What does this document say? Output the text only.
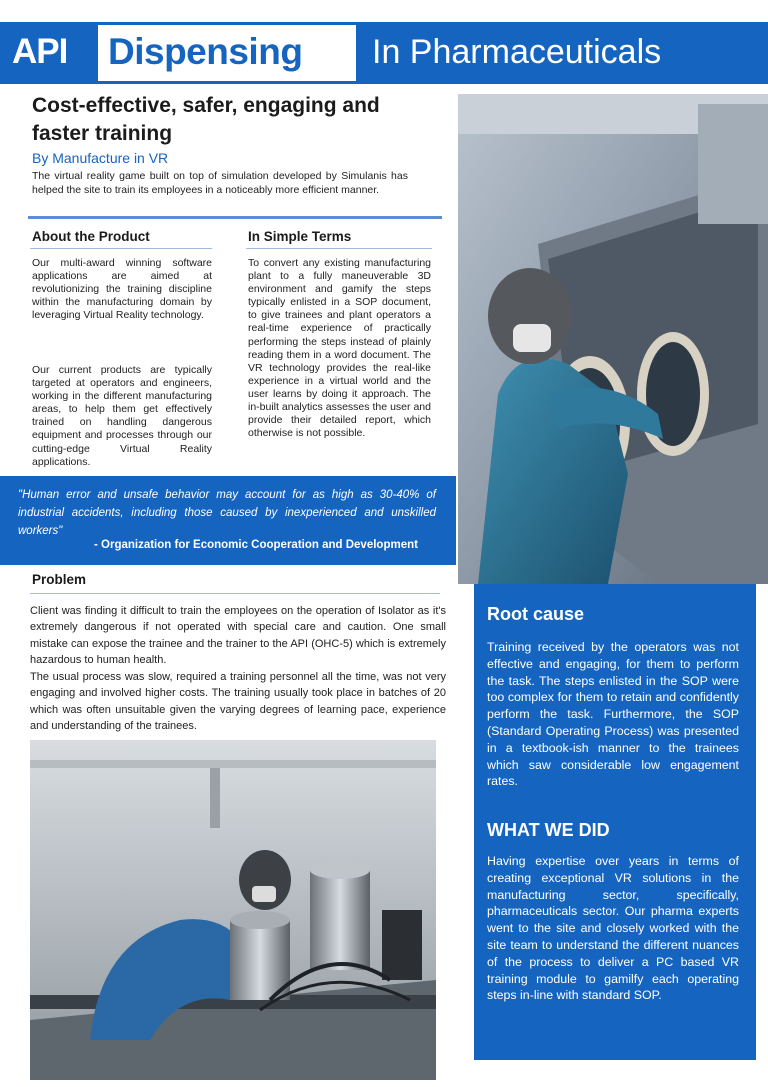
API Dispensing In Pharmaceuticals
Cost-effective, safer, engaging and faster training
By Manufacture in VR
The virtual reality game built on top of simulation developed by Simulanis has helped the site to train its employees in a noticeably more efficient manner.
About the Product
Our multi-award winning software applications are aimed at revolutionizing the training discipline within the manufacturing domain by leveraging Virtual Reality technology.
Our current products are typically targeted at operators and engineers, working in the different manufacturing areas, to help them get effectively trained on handling dangerous equipment and processes through our cutting-edge Virtual Reality applications.
In Simple Terms
To convert any existing manufacturing plant to a fully maneuverable 3D environment and gamify the steps typically enlisted in a SOP document, to give trainees and plant operators a real-time experience of practically performing the steps instead of plainly reading them in a word document. The VR technology provides the real-like experience in a virtual world and the user learns by doing it approach. The in-built analytics assesses the user and provide their detailed report, which otherwise is not possible.
"Human error and unsafe behavior may account for as high as 30-40% of industrial accidents, including those caused by inexperienced and unskilled workers"
- Organization for Economic Cooperation and Development
Problem
Client was finding it difficult to train the employees on the operation of Isolator as it's extremely dangerous if not operated with special care and caution. One small mistake can expose the trainee and the trainer to the API (OHC-5) which is extremely hazardous to human health.
The usual process was slow, required a training personnel all the time, was not very engaging and involved higher costs. The training usually took place in batches of 20 which was often unsuitable given the varying degrees of learning pace, experience and understanding of the trainees.
Root cause
Training received by the operators was not effective and engaging, for them to perform the task. The steps enlisted in the SOP were too complex for them to retain and confidently perform the task. Furthermore, the SOP (Standard Operating Process) was presented in a textbook-ish manner to the trainees which saw considerable low engagement rates.
WHAT WE DID
Having expertise over years in terms of creating exceptional VR solutions in the manufacturing sector, specifically, pharmaceuticals sector. Our pharma experts went to the site and closely worked with the site team to understand the different nuances of the process to deliver a PC based VR training module to gamilfy each operating steps in-line with standard SOP.
